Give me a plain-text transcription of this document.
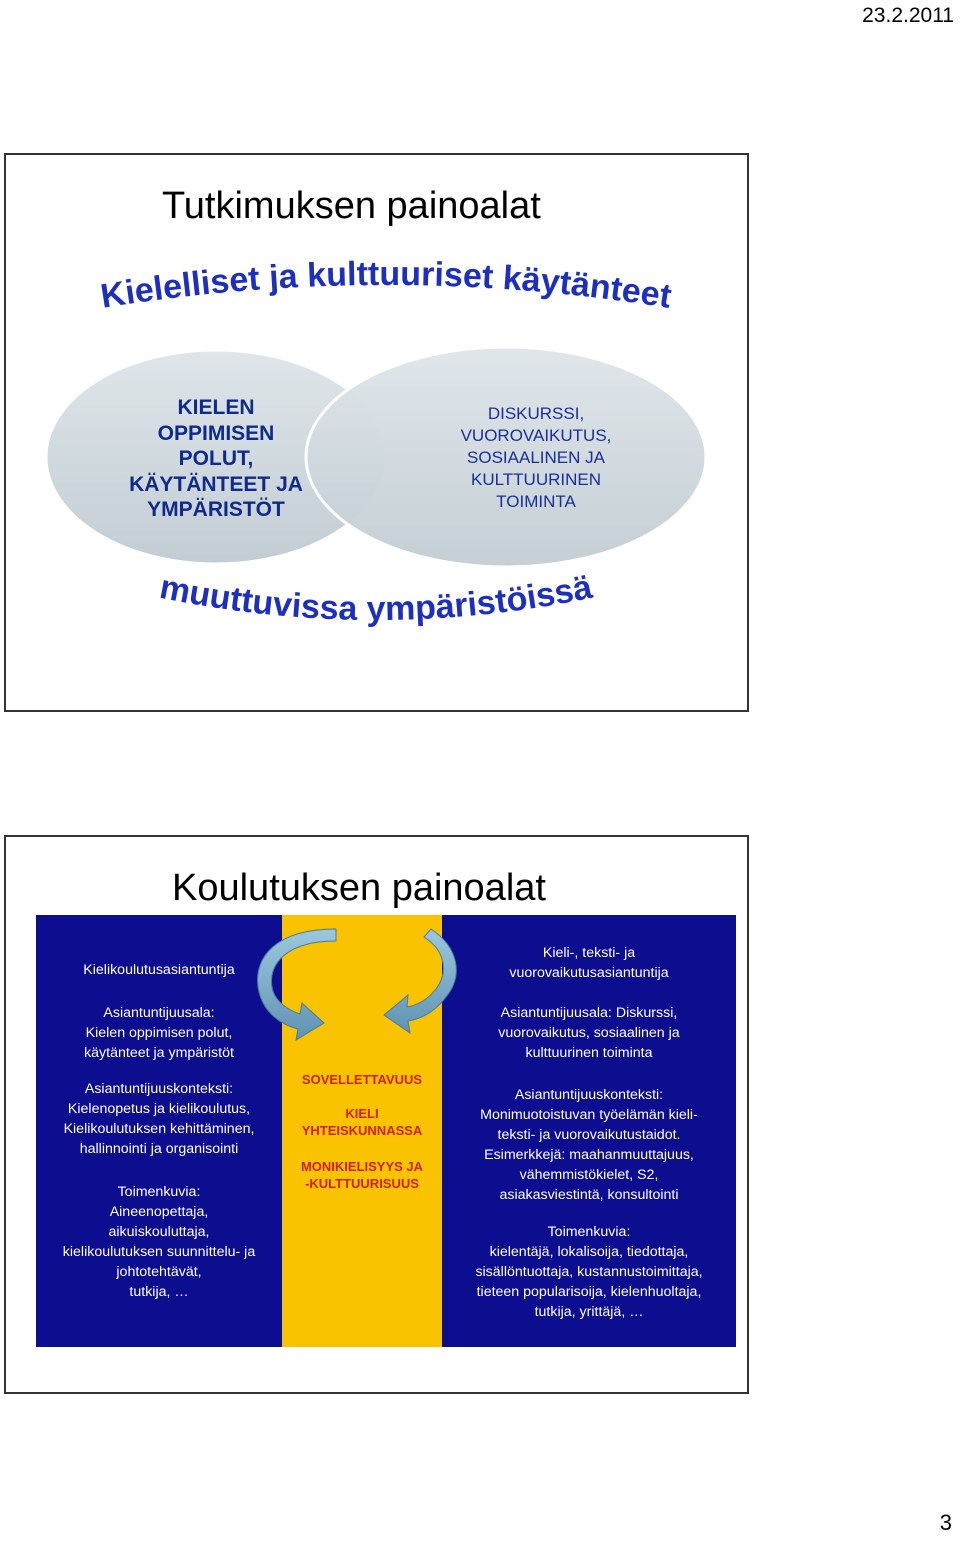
23.2.2011
Tutkimuksen painoalat
Kielelliset ja kulttuuriset käytänteet
muuttuvissa ympäristöissä
KIELEN
OPPIMISEN
POLUT,
KÄYTÄNTEET JA
YMPÄRISTÖT
DISKURSSI,
VUOROVAIKUTUS,
SOSIAALINEN JA
KULTTUURINEN
TOIMINTA
Koulutuksen painoalat
Kielikoulutusasiantuntija
Asiantuntijuusala:
Kielen oppimisen polut,
käytänteet ja ympäristöt
Asiantuntijuuskonteksti:
Kielenopetus ja kielikoulutus,
Kielikoulutuksen kehittäminen,
hallinnointi ja organisointi
Toimenkuvia:
Aineenopettaja,
aikuiskouluttaja,
kielikoulutuksen suunnittelu- ja
johtotehtävät,
tutkija, …
SOVELLETTAVUUS
KIELI
YHTEISKUNNASSA
MONIKIELISYYS JA
-KULTTUURISUUS
Kieli-, teksti- ja
vuorovaikutusasiantuntija
Asiantuntijuusala: Diskurssi,
vuorovaikutus, sosiaalinen ja
kulttuurinen toiminta
Asiantuntijuuskonteksti:
Monimuotoistuvan työelämän kieli-
teksti- ja vuorovaikutustaidot.
Esimerkkejä: maahanmuuttajuus,
vähemmistökielet, S2,
asiakasviestintä, konsultointi
Toimenkuvia:
kielentäjä, lokalisoija, tiedottaja,
sisällöntuottaja, kustannustoimittaja,
tieteen popularisoija, kielenhuoltaja,
tutkija, yrittäjä, …
3
